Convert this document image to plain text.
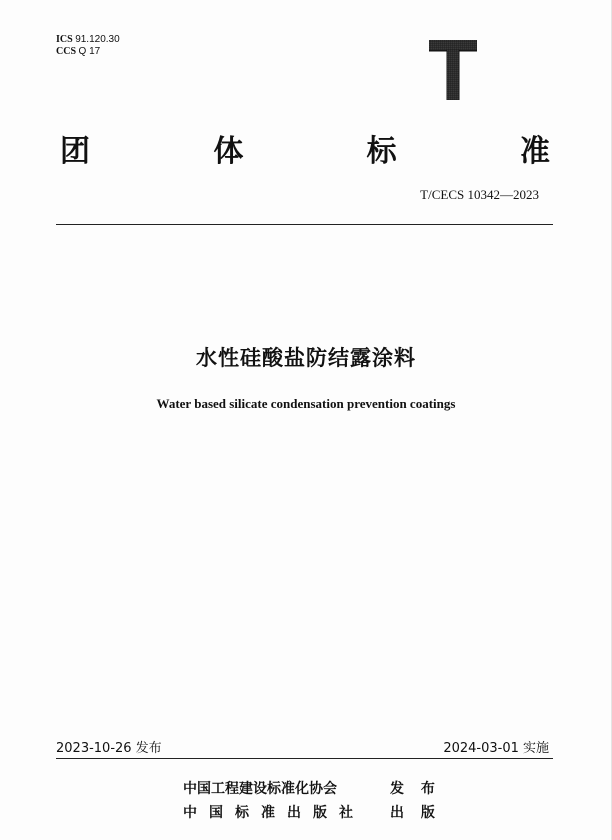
ICS 91.120.30
CCS Q 17
团	体	标	准
T/CECS 10342—2023
水性硅酸盐防结露涂料
Water based silicate condensation prevention coatings
2023-10-26 发布	2024-03-01 实施
中国工程建设标准化协会	发 布
中国标准出版社 出 版
